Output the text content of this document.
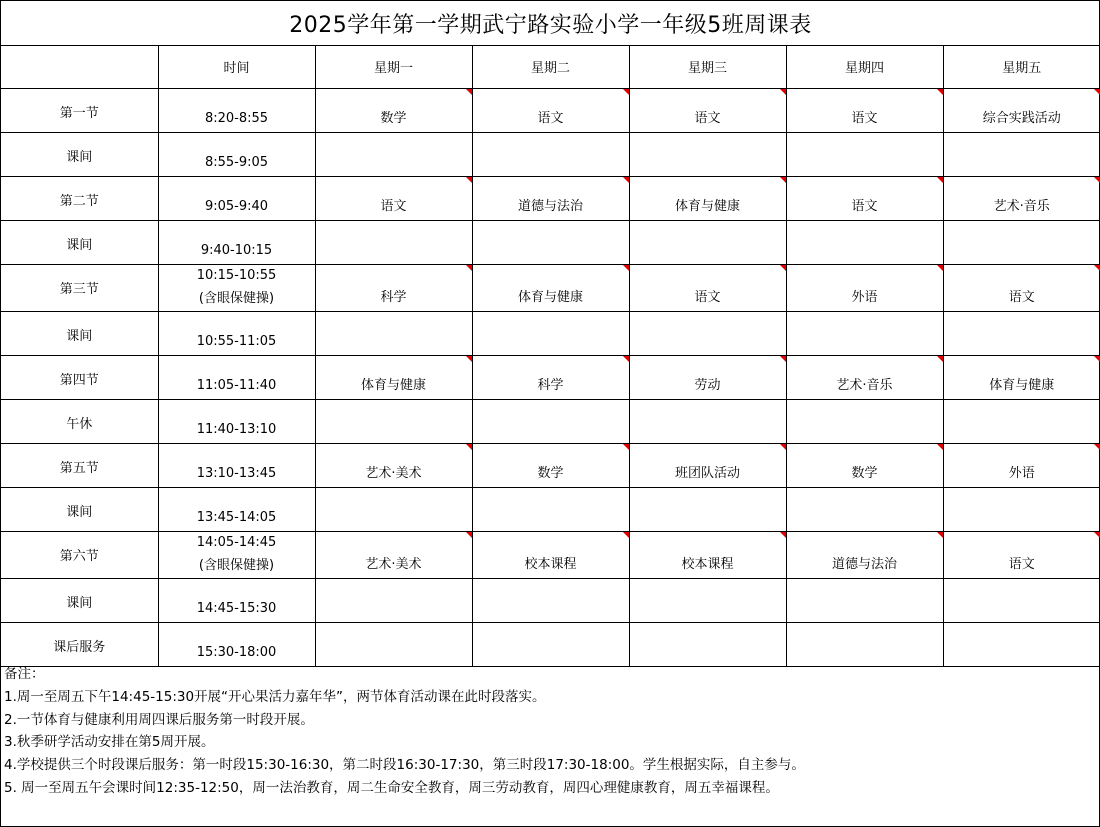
2025学年第一学期武宁路实验小学一年级5班周课表
	时间	星期一	星期二	星期三	星期四	星期五

第一节	8:20-8:55	数学	语文	语文	语文	综合实践活动

课间	8:55-9:05					

第二节	9:05-9:40	语文	道德与法治	体育与健康	语文	艺术·音乐

课间	9:40-10:15					

第三节	10:15-10:55
(含眼保健操)	科学	体育与健康	语文	外语	语文

课间	10:55-11:05					

第四节	11:05-11:40	体育与健康	科学	劳动	艺术·音乐	体育与健康

午休	11:40-13:10					

第五节	13:10-13:45	艺术·美术	数学	班团队活动	数学	外语

课间	13:45-14:05					

第六节	14:05-14:45
(含眼保健操)	艺术·美术	校本课程	校本课程	道德与法治	语文

课间	14:45-15:30					

课后服务	15:30-18:00					

备注：
1.周一至周五下午14:45-15:30开展“开心果活力嘉年华”，两节体育活动课在此时段落实。
2.一节体育与健康利用周四课后服务第一时段开展。
3.秋季研学活动安排在第5周开展。
4.学校提供三个时段课后服务：第一时段15:30-16:30，第二时段16:30-17:30，第三时段17:30-18:00。学生根据实际，自主参与。
5. 周一至周五午会课时间12:35-12:50，周一法治教育，周二生命安全教育，周三劳动教育，周四心理健康教育，周五幸福课程。
